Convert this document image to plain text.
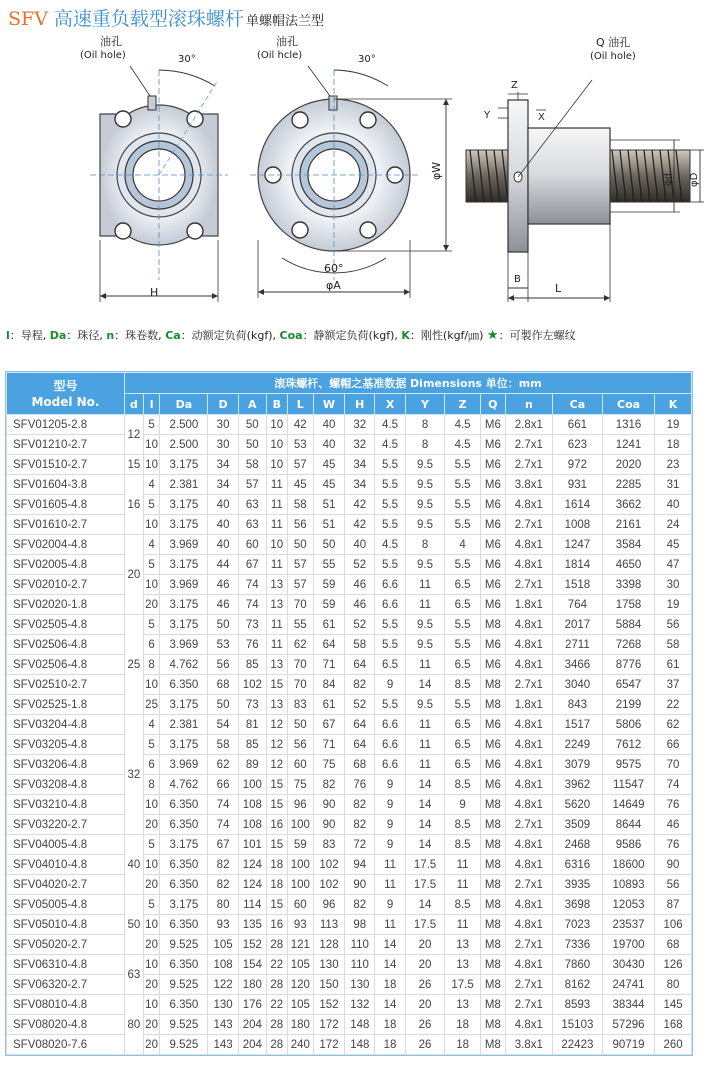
SFV 高速重负载型滚珠螺杆 单螺帽法兰型
油孔
(Oil hole)	30°
H
油孔
(Oil hcle)	30°
60°
φA
φW
Q 油孔
(Oil hole)
Z
Y	X
B
L
φd φD
l：导程, Da：珠径, n：珠卷数, Ca：动额定负荷(kgf), Coa：静额定负荷(kgf), K：刚性(kgf/㎛) ★：可製作左螺纹
型号
Model No.	滚珠螺杆、螺帽之基准数据 Dimensions 单位：mm																
	d	l	Da	D	A	B	L	W	H	X	Y	Z	Q	n	Ca	Coa	K
SFV01205-2.8	12	5	2.500	30	50	10	42	40	32	4.5	8	4.5	M6	2.8x1	661	1316	19
SFV01210-2.7		10	2.500	30	50	10	53	40	32	4.5	8	4.5	M6	2.7x1	623	1241	18
SFV01510-2.7	15	10	3.175	34	58	10	57	45	34	5.5	9.5	5.5	M6	2.7x1	972	2020	23
SFV01604-3.8	16	4	2.381	34	57	11	45	45	34	5.5	9.5	5.5	M6	3.8x1	931	2285	31
SFV01605-4.8		5	3.175	40	63	11	58	51	42	5.5	9.5	5.5	M6	4.8x1	1614	3662	40
SFV01610-2.7		10	3.175	40	63	11	56	51	42	5.5	9.5	5.5	M6	2.7x1	1008	2161	24
SFV02004-4.8	20	4	3.969	40	60	10	50	50	40	4.5	8	4	M6	4.8x1	1247	3584	45
SFV02005-4.8		5	3.175	44	67	11	57	55	52	5.5	9.5	5.5	M6	4.8x1	1814	4650	47
SFV02010-2.7		10	3.969	46	74	13	57	59	46	6.6	11	6.5	M6	2.7x1	1518	3398	30
SFV02020-1.8		20	3.175	46	74	13	70	59	46	6.6	11	6.5	M6	1.8x1	764	1758	19
SFV02505-4.8	25	5	3.175	50	73	11	55	61	52	5.5	9.5	5.5	M8	4.8x1	2017	5884	56
SFV02506-4.8		6	3.969	53	76	11	62	64	58	5.5	9.5	5.5	M6	4.8x1	2711	7268	58
SFV02506-4.8		8	4.762	56	85	13	70	71	64	6.5	11	6.5	M6	4.8x1	3466	8776	61
SFV02510-2.7		10	6.350	68	102	15	70	84	82	9	14	8.5	M8	2.7x1	3040	6547	37
SFV02525-1.8		25	3.175	50	73	13	83	61	52	5.5	9.5	5.5	M8	1.8x1	843	2199	22
SFV03204-4.8	32	4	2.381	54	81	12	50	67	64	6.6	11	6.5	M6	4.8x1	1517	5806	62
SFV03205-4.8		5	3.175	58	85	12	56	71	64	6.6	11	6.5	M6	4.8x1	2249	7612	66
SFV03206-4.8		6	3.969	62	89	12	60	75	68	6.6	11	6.5	M6	4.8x1	3079	9575	70
SFV03208-4.8		8	4.762	66	100	15	75	82	76	9	14	8.5	M6	4.8x1	3962	11547	74
SFV03210-4.8		10	6.350	74	108	15	96	90	82	9	14	9	M8	4.8x1	5620	14649	76
SFV03220-2.7		20	6.350	74	108	16	100	90	82	9	14	8.5	M8	2.7x1	3509	8644	46
SFV04005-4.8	40	5	3.175	67	101	15	59	83	72	9	14	8.5	M8	4.8x1	2468	9586	76
SFV04010-4.8		10	6.350	82	124	18	100	102	94	11	17.5	11	M8	4.8x1	6316	18600	90
SFV04020-2.7		20	6.350	82	124	18	100	102	90	11	17.5	11	M8	2.7x1	3935	10893	56
SFV05005-4.8	50	5	3.175	80	114	15	60	96	82	9	14	8.5	M8	4.8x1	3698	12053	87
SFV05010-4.8		10	6.350	93	135	16	93	113	98	11	17.5	11	M8	4.8x1	7023	23537	106
SFV05020-2.7		20	9.525	105	152	28	121	128	110	14	20	13	M8	2.7x1	7336	19700	68
SFV06310-4.8	63	10	6.350	108	154	22	105	130	110	14	20	13	M8	4.8x1	7860	30430	126
SFV06320-2.7		20	9.525	122	180	28	120	150	130	18	26	17.5	M8	2.7x1	8162	24741	80
SFV08010-4.8	80	10	6.350	130	176	22	105	152	132	14	20	13	M8	2.7x1	8593	38344	145
SFV08020-4.8		20	9.525	143	204	28	180	172	148	18	26	18	M8	4.8x1	15103	57296	168
SFV08020-7.6		20	9.525	143	204	28	240	172	148	18	26	18	M8	3.8x1	22423	90719	260
